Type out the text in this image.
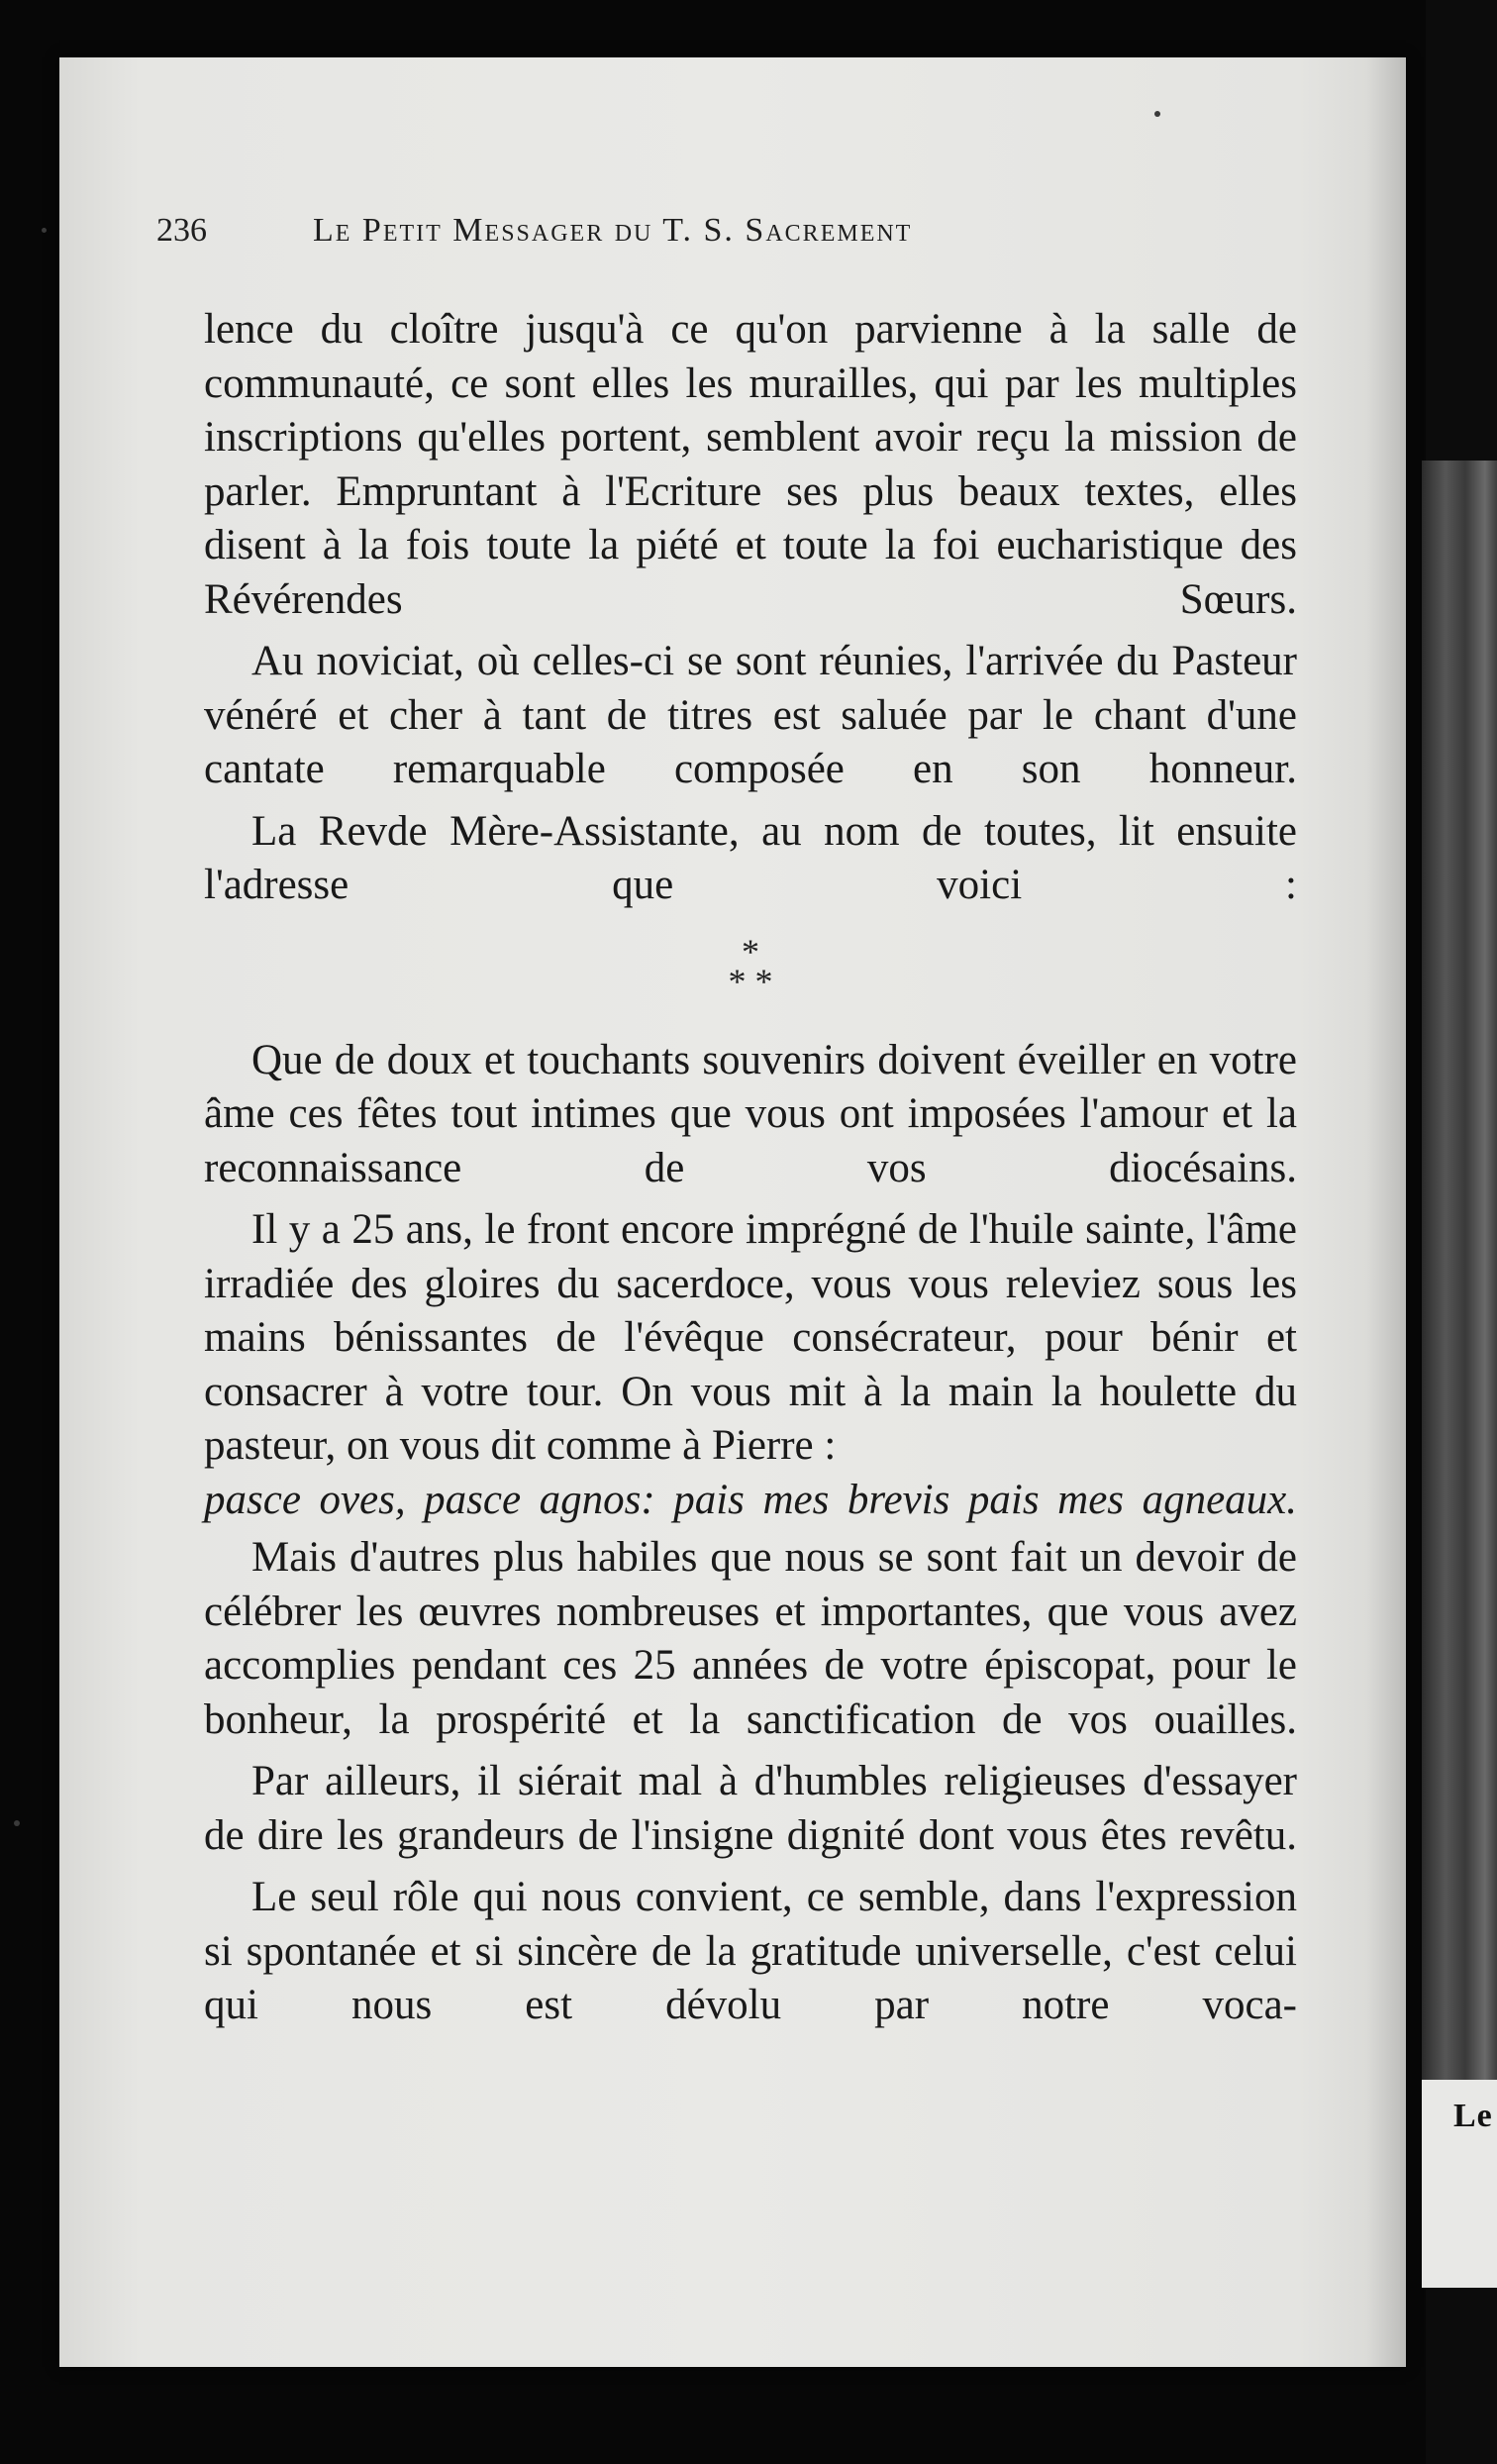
Le
236	Le Petit Messager du T. S. Sacrement

lence du cloître jusqu'à ce qu'on parvienne à la salle de communauté, ce sont elles les murailles, qui par les multiples inscriptions qu'elles portent, semblent avoir reçu la mission de parler. Empruntant à l'Ecriture ses plus beaux textes, elles disent à la fois toute la piété et toute la foi eucharistique des Révérendes Sœurs.

Au noviciat, où celles-ci se sont réunies, l'arrivée du Pasteur vénéré et cher à tant de titres est saluée par le chant d'une cantate remarquable composée en son honneur.

La Revde Mère-Assistante, au nom de toutes, lit ensuite l'adresse que voici :

*
* *

Que de doux et touchants souvenirs doivent éveiller en votre âme ces fêtes tout intimes que vous ont imposées l'amour et la reconnaissance de vos diocésains.

Il y a 25 ans, le front encore imprégné de l'huile sainte, l'âme irradiée des gloires du sacerdoce, vous vous releviez sous les mains bénissantes de l'évêque consécrateur, pour bénir et consacrer à votre tour. On vous mit à la main la houlette du pasteur, on vous dit comme à Pierre :

pasce oves, pasce agnos: pais mes brevis pais mes agneaux.

Mais d'autres plus habiles que nous se sont fait un devoir de célébrer les œuvres nombreuses et importantes, que vous avez accomplies pendant ces 25 années de votre épiscopat, pour le bonheur, la prospérité et la sanctification de vos ouailles.

Par ailleurs, il siérait mal à d'humbles religieuses d'essayer de dire les grandeurs de l'insigne dignité dont vous êtes revêtu.

Le seul rôle qui nous convient, ce semble, dans l'expression si spontanée et si sincère de la gratitude universelle, c'est celui qui nous est dévolu par notre voca-
